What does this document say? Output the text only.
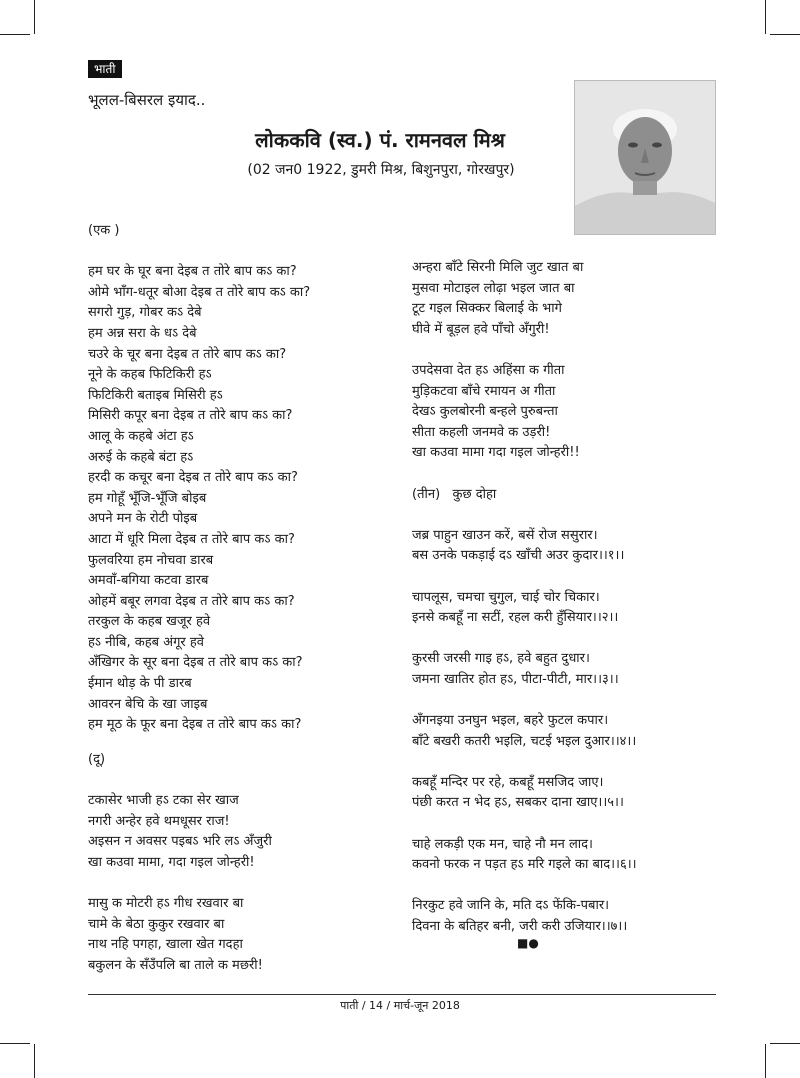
भाती
भूलल-बिसरल इयाद..
लोककवि (स्व.) पं. रामनवल मिश्र
(02 जन0 1922, डुमरी मिश्र, बिशुनपुरा, गोरखपुर)
(एक )
हम घर के घूर बना देइब त तोरे बाप कऽ का?
ओमे भाँग-धतूर बोआ देइब त तोरे बाप कऽ का?
सगरो गुड़, गोबर कऽ देबे
हम अन्न सरा के धऽ देबे
चउरे के चूर बना देइब त तोरे बाप कऽ का?
नूने के कहब फिटिकिरी हऽ
फिटिकिरी बताइब मिसिरी हऽ
मिसिरी कपूर बना देइब त तोरे बाप कऽ का?
आलू के कहबे अंटा हऽ
अरुई के कहबे बंटा हऽ
हरदी क कचूर बना देइब त तोरे बाप कऽ का?
हम गोहूँ भूँजि-भूँजि बोइब
अपने मन के रोटी पोइब
आटा में धूरि मिला देइब त तोरे बाप कऽ का?
फुलवरिया हम नोचवा डारब
अमवाँ-बगिया कटवा डारब
ओहमें बबूर लगवा देइब त तोरे बाप कऽ का?
तरकुल के कहब खजूर हवे
हऽ नीबि, कहब अंगूर हवे
अँखिगर के सूर बना देइब त तोरे बाप कऽ का?
ईमान थोड़ के पी डारब
आवरन बेचि के खा जाइब
हम मूठ के फूर बना देइब त तोरे बाप कऽ का?
(दू)
टकासेर भाजी हऽ टका सेर खाज
नगरी अन्हेर हवे थमधूसर राज!
अइसन न अवसर पइबऽ भरि लऽ अँजुरी
खा कउवा मामा, गदा गइल जोन्हरी!
मासु क मोटरी हऽ गीध रखवार बा
चामे के बेठा कुकुर रखवार बा
नाथ नहि पगहा, खाला खेत गदहा
बकुलन के सँउँपलि बा ताले क मछरी!
अन्हरा बाँटे सिरनी मिलि जुट खात बा
मुसवा मोटाइल लोढ़ा भइल जात बा
टूट गइल सिक्कर बिलाई के भागे
घीवे में बूड़ल हवे पाँचो अँगुरी!
उपदेसवा देत हऽ अहिंसा क गीता
मुड़िकटवा बाँचे रमायन अ गीता
देखऽ कुलबोरनी बन्हले पुरुबन्ता
सीता कहली जनमवे क उड़री!
खा कउवा मामा गदा गइल जोन्हरी!!
(तीन)   कुछ दोहा
जब्र पाहुन खाउन करें, बसें रोज ससुरार।
बस उनके पकड़ाई दऽ खाँची अउर कुदार।।१।।
चापलूस, चमचा चुगुल, चाई चोर चिकार।
इनसे कबहूँ ना सटीं, रहल करी हुँसियार।।२।।
कुरसी जरसी गाइ हऽ, हवे बहुत दुधार।
जमना खातिर होत हऽ, पीटा-पीटी, मार।।३।।
अँगनइया उनघुन भइल, बहरे फुटल कपार।
बाँटे बखरी कतरी भइलि, चटई भइल दुआर।।४।।
कबहूँ मन्दिर पर रहे, कबहूँ मसजिद जाए।
पंछी करत न भेद हऽ, सबकर दाना खाए।।५।।
चाहे लकड़ी एक मन, चाहे नौ मन लाद।
कवनो फरक न पड़त हऽ मरि गइले का बाद।।६।।
निरकुट हवे जानि के, मति दऽ फेंकि-पबार।
दिवना के बतिहर बनी, जरी करी उजियार।।७।।
■●
पाती / 14 / मार्च-जून 2018
